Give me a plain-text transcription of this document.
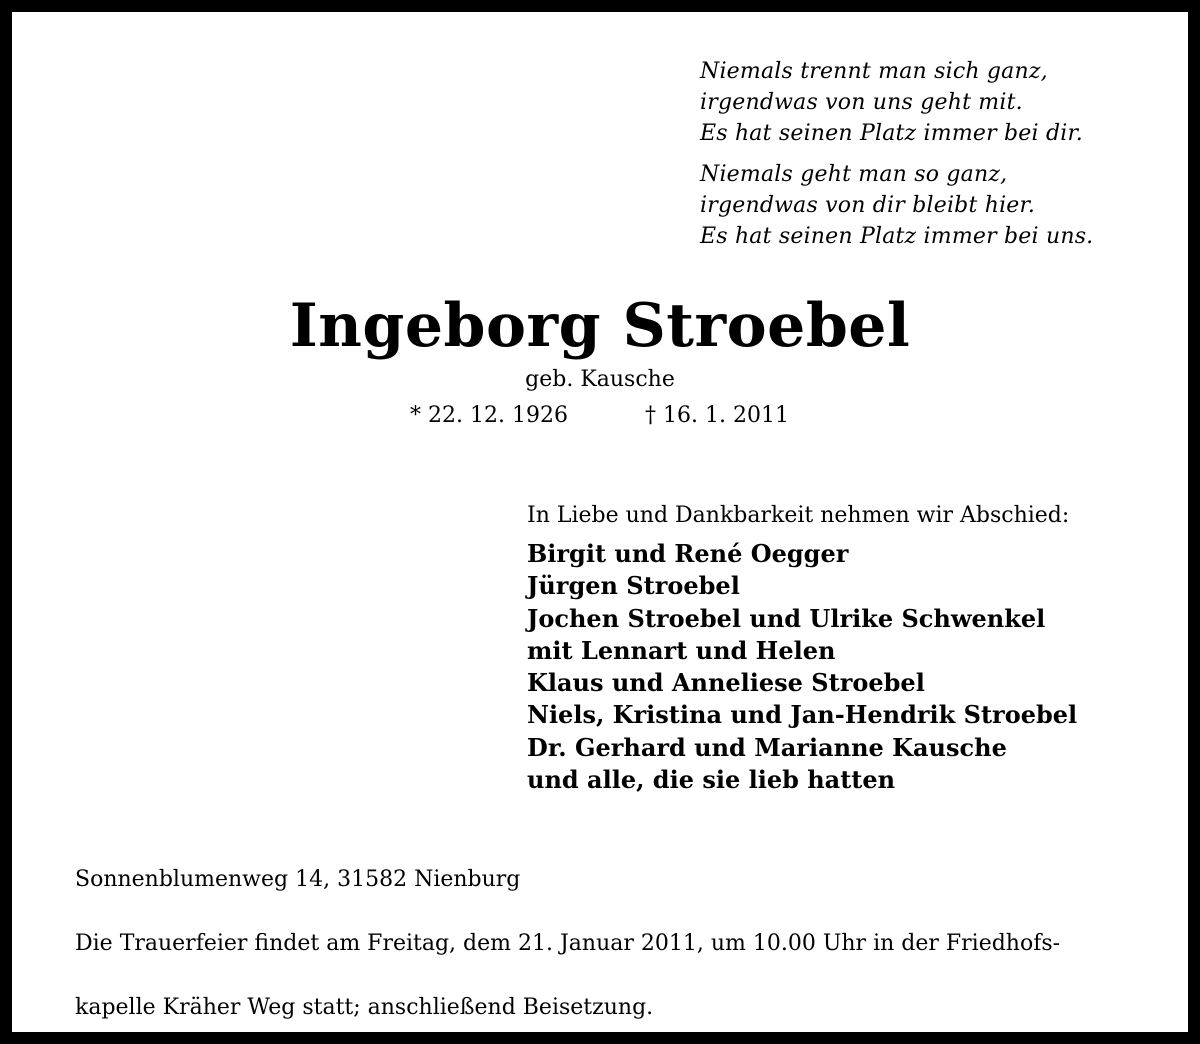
Niemals trennt man sich ganz,
irgendwas von uns geht mit.
Es hat seinen Platz immer bei dir.
Niemals geht man so ganz,
irgendwas von dir bleibt hier.
Es hat seinen Platz immer bei uns.
Ingeborg Stroebel
geb. Kausche
* 22. 12. 1926	† 16. 1. 2011
In Liebe und Dankbarkeit nehmen wir Abschied:
Birgit und René Oegger
Jürgen Stroebel
Jochen Stroebel und Ulrike Schwenkel
mit Lennart und Helen
Klaus und Anneliese Stroebel
Niels, Kristina und Jan-Hendrik Stroebel
Dr. Gerhard und Marianne Kausche
und alle, die sie lieb hatten
Sonnenblumenweg 14, 31582 Nienburg
Die Trauerfeier findet am Freitag, dem 21. Januar 2011, um 10.00 Uhr in der Friedhofs-

kapelle Kräher Weg statt; anschließend Beisetzung.
